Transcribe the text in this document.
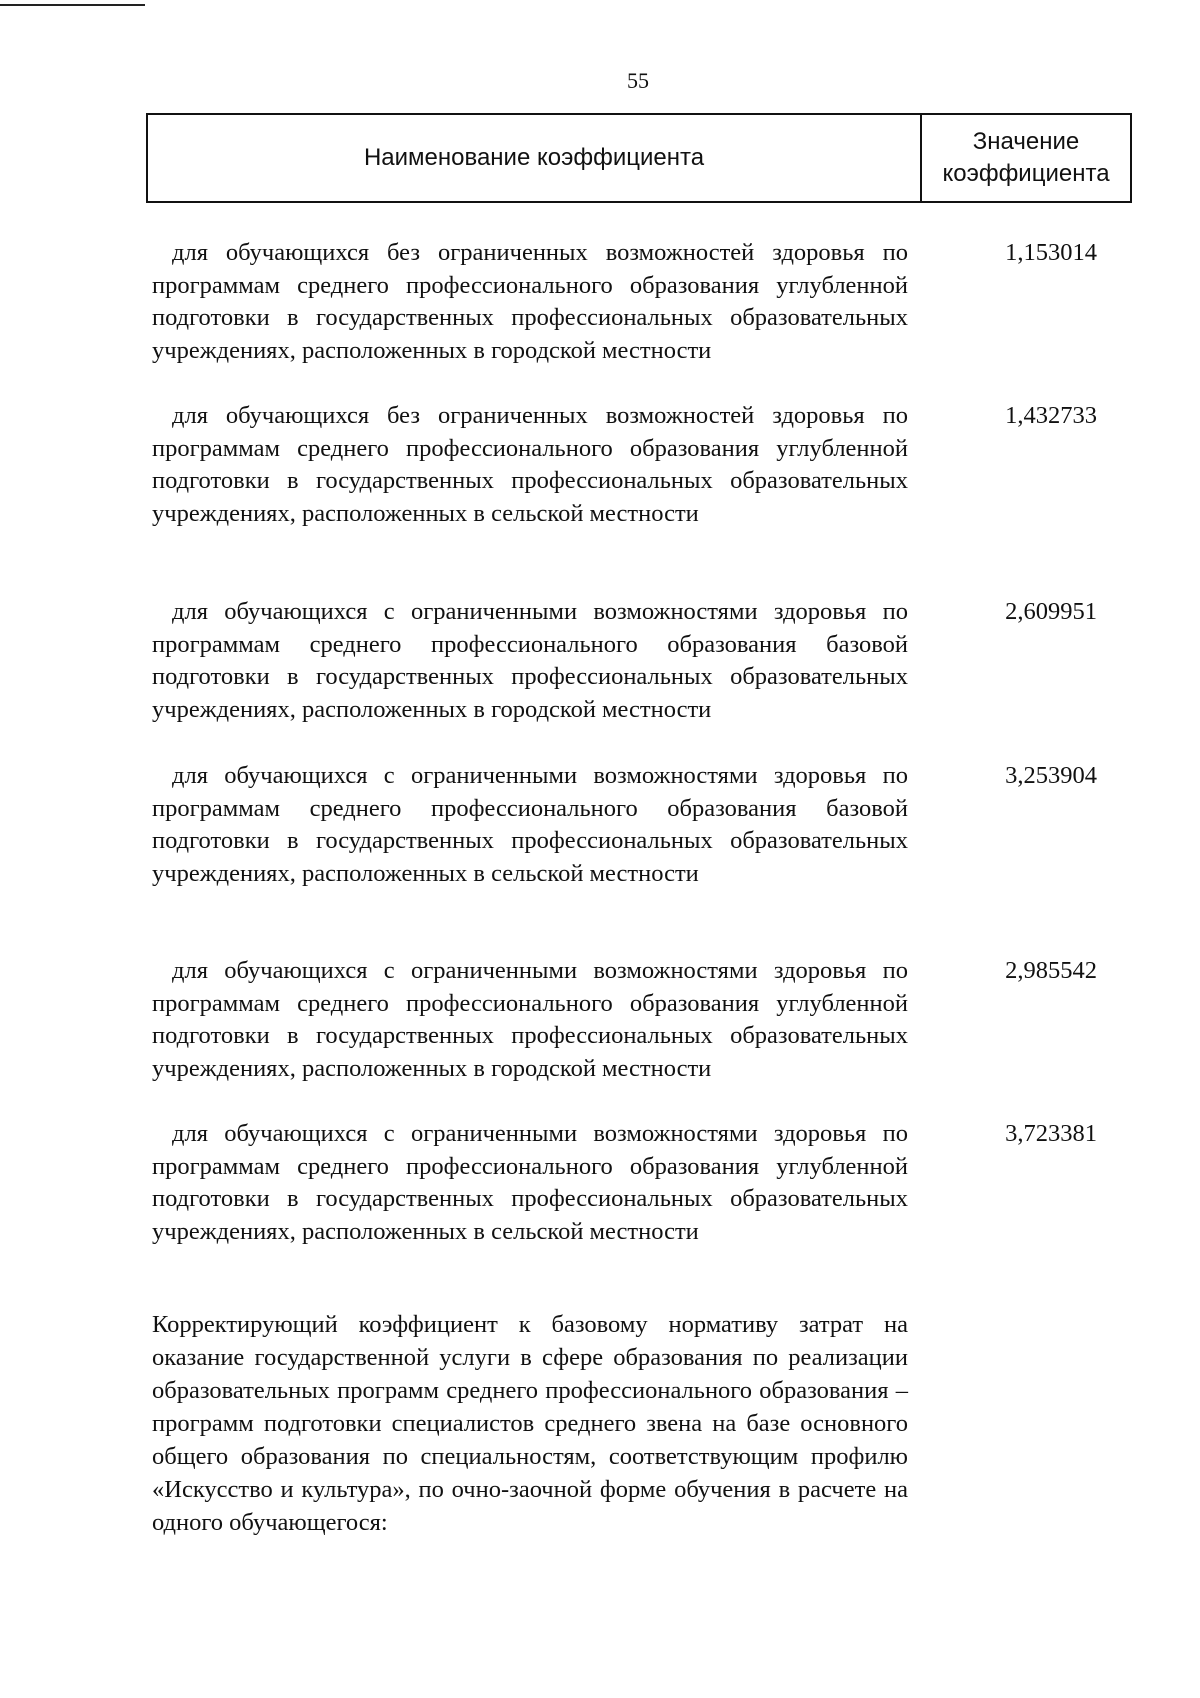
55
Наименование коэффициента
Значение коэффициента
для обучающихся без ограниченных возможностей здоровья по программам среднего профессионального образования углубленной подготовки в государственных профессиональных образовательных учреждениях, расположенных в городской местности
1,153014
для обучающихся без ограниченных возможностей здоровья по программам среднего профессионального образования углубленной подготовки в государственных профессиональных образовательных учреждениях, расположенных в сельской местности
1,432733
для обучающихся с ограниченными возможностями здоровья по программам среднего профессионального образования базовой подготовки в государственных профессиональных образовательных учреждениях, расположенных в городской местности
2,609951
для обучающихся с ограниченными возможностями здоровья по программам среднего профессионального образования базовой подготовки в государственных профессиональных образовательных учреждениях, расположенных в сельской местности
3,253904
для обучающихся с ограниченными возможностями здоровья по программам среднего профессионального образования углубленной подготовки в государственных профессиональных образовательных учреждениях, расположенных в городской местности
2,985542
для обучающихся с ограниченными возможностями здоровья по программам среднего профессионального образования углубленной подготовки в государственных профессиональных образовательных учреждениях, расположенных в сельской местности
3,723381
Корректирующий коэффициент к базовому нормативу затрат на оказание государственной услуги в сфере образования по реализации образовательных программ среднего профессионального образования – программ подготовки специалистов среднего звена на базе основного общего образования по специальностям, соответствующим профилю «Искусство и культура», по очно-заочной форме обучения в расчете на одного обучающегося:
